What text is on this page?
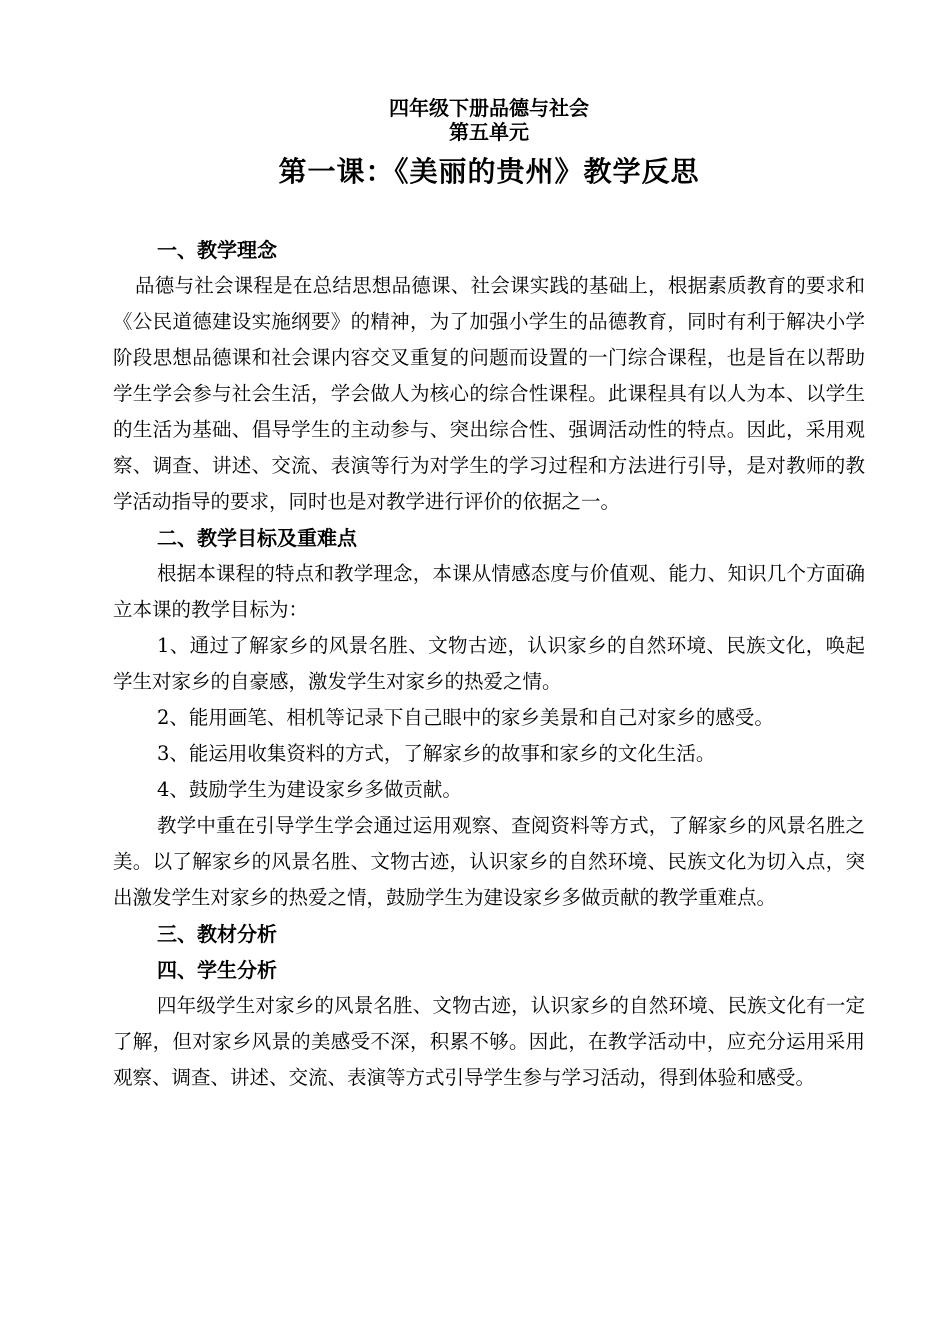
四年级下册品德与社会

第五单元

第一课：《美丽的贵州》教学反思

一、教学理念

品德与社会课程是在总结思想品德课、社会课实践的基础上，根据素质教育的要求和《公民道德建设实施纲要》的精神，为了加强小学生的品德教育，同时有利于解决小学阶段思想品德课和社会课内容交叉重复的问题而设置的一门综合课程，也是旨在以帮助学生学会参与社会生活，学会做人为核心的综合性课程。此课程具有以人为本、以学生的生活为基础、倡导学生的主动参与、突出综合性、强调活动性的特点。因此，采用观察、调查、讲述、交流、表演等行为对学生的学习过程和方法进行引导，是对教师的教学活动指导的要求，同时也是对教学进行评价的依据之一。

二、教学目标及重难点

根据本课程的特点和教学理念，本课从情感态度与价值观、能力、知识几个方面确立本课的教学目标为：

1、通过了解家乡的风景名胜、文物古迹，认识家乡的自然环境、民族文化，唤起学生对家乡的自豪感，激发学生对家乡的热爱之情。

2、能用画笔、相机等记录下自己眼中的家乡美景和自己对家乡的感受。

3、能运用收集资料的方式，了解家乡的故事和家乡的文化生活。

4、鼓励学生为建设家乡多做贡献。

教学中重在引导学生学会通过运用观察、查阅资料等方式，了解家乡的风景名胜之美。以了解家乡的风景名胜、文物古迹，认识家乡的自然环境、民族文化为切入点，突出激发学生对家乡的热爱之情，鼓励学生为建设家乡多做贡献的教学重难点。

三、教材分析

四、学生分析

四年级学生对家乡的风景名胜、文物古迹，认识家乡的自然环境、民族文化有一定了解，但对家乡风景的美感受不深，积累不够。因此，在教学活动中，应充分运用采用观察、调查、讲述、交流、表演等方式引导学生参与学习活动，得到体验和感受。
